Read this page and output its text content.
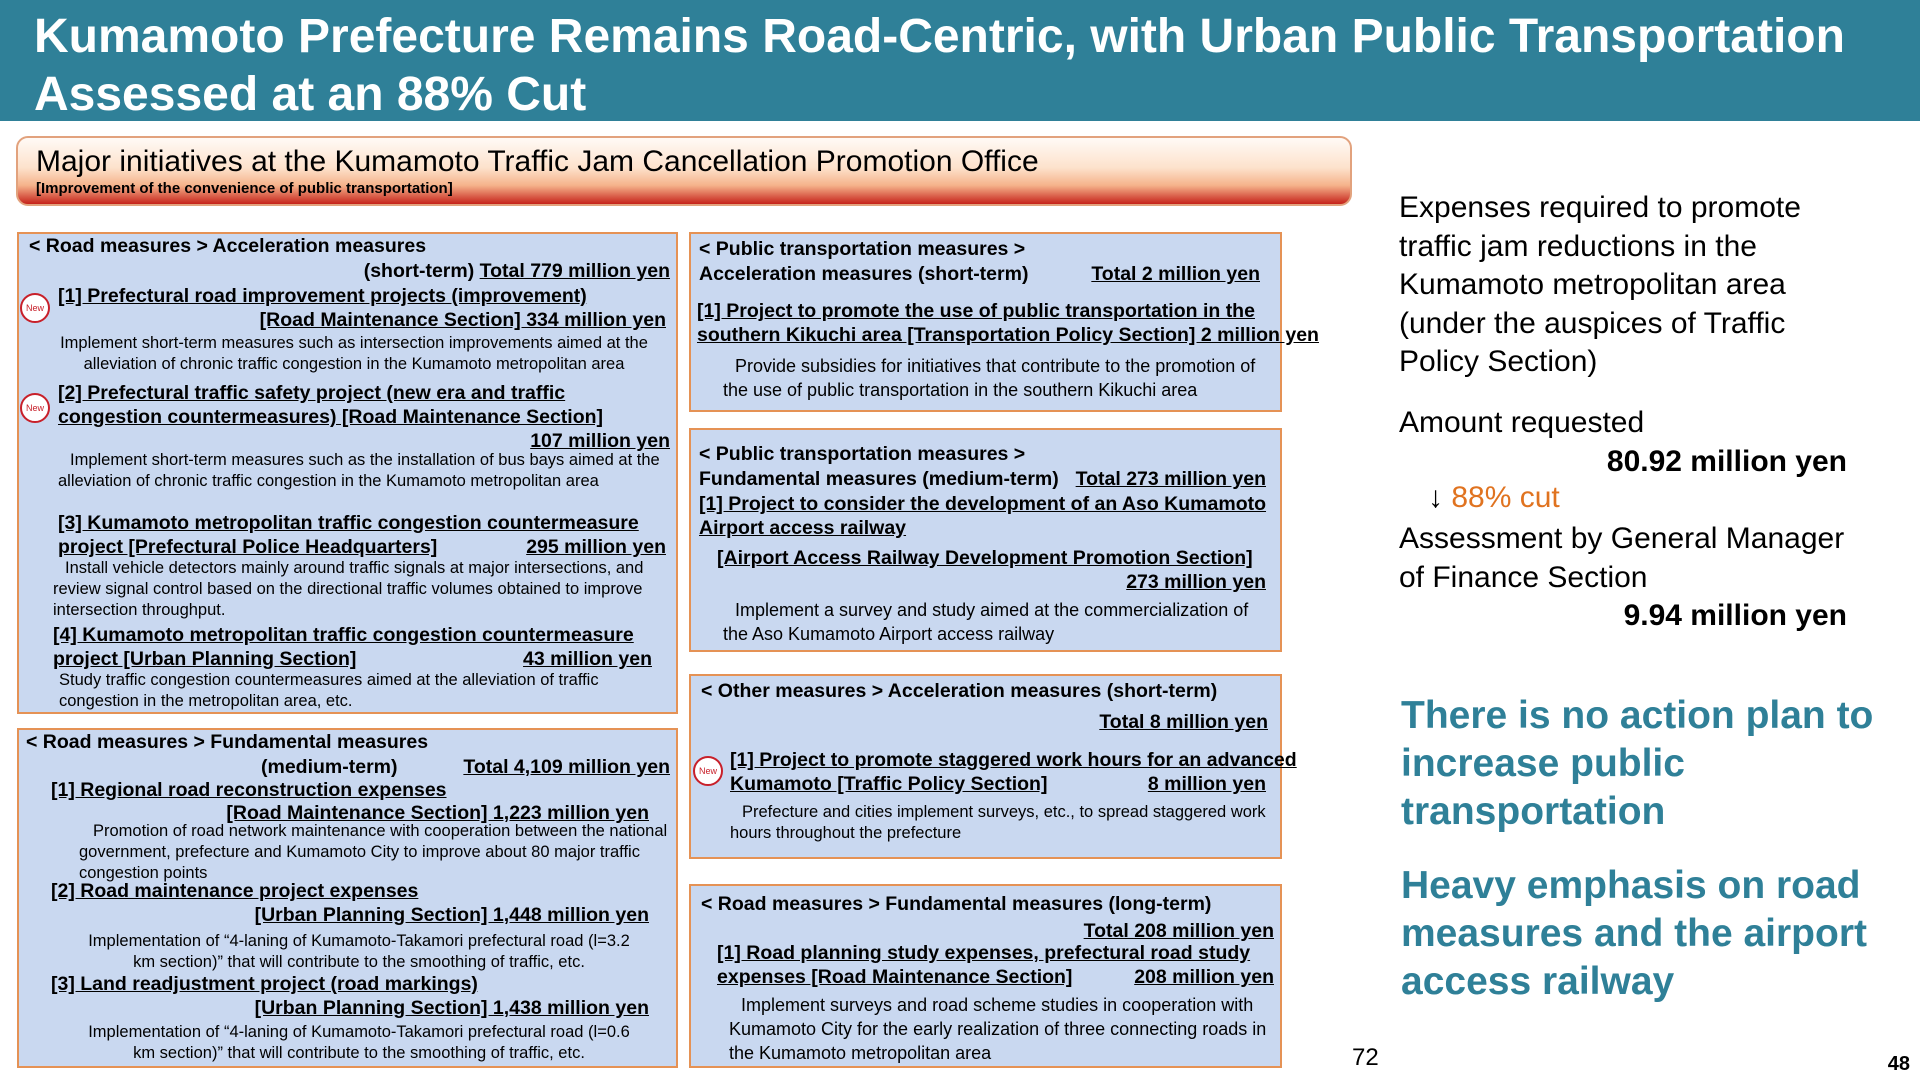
Kumamoto Prefecture Remains Road-Centric, with Urban Public Transportation
Assessed at an 88% Cut
Major initiatives at the Kumamoto Traffic Jam Cancellation Promotion Office
[Improvement of the convenience of public transportation]
< Road measures > Acceleration measures
(short-term) Total 779 million yen
[1] Prefectural road improvement projects (improvement)
[Road Maintenance Section] 334 million yen
Implement short-term measures such as intersection improvements aimed at the alleviation of chronic traffic congestion in the Kumamoto metropolitan area
[2] Prefectural traffic safety project (new era and traffic
congestion countermeasures) [Road Maintenance Section]
107 million yen
Implement short-term measures such as the installation of bus bays aimed at the alleviation of chronic traffic congestion in the Kumamoto metropolitan area
[3] Kumamoto metropolitan traffic congestion countermeasure
project [Prefectural Police Headquarters]	295 million yen
Install vehicle detectors mainly around traffic signals at major intersections, and review signal control based on the directional traffic volumes obtained to improve intersection throughput.
[4] Kumamoto metropolitan traffic congestion countermeasure
project [Urban Planning Section]	43 million yen
Study traffic congestion countermeasures aimed at the alleviation of traffic congestion in the metropolitan area, etc.
New
New
< Road measures > Fundamental measures
(medium-term)	Total 4,109 million yen
[1] Regional road reconstruction expenses
[Road Maintenance Section] 1,223 million yen
Promotion of road network maintenance with cooperation between the national government, prefecture and Kumamoto City to improve about 80 major traffic congestion points
[2] Road maintenance project expenses
[Urban Planning Section] 1,448 million yen
Implementation of “4-laning of Kumamoto-Takamori prefectural road (l=3.2 km section)” that will contribute to the smoothing of traffic, etc.
[3] Land readjustment project (road markings)
[Urban Planning Section] 1,438 million yen
Implementation of “4-laning of Kumamoto-Takamori prefectural road (l=0.6 km section)” that will contribute to the smoothing of traffic, etc.
< Public transportation measures >
Acceleration measures (short-term)	Total 2 million yen
[1] Project to promote the use of public transportation in the
southern Kikuchi area [Transportation Policy Section] 2 million yen
Provide subsidies for initiatives that contribute to the promotion of the use of public transportation in the southern Kikuchi area
< Public transportation measures >
Fundamental measures (medium-term) Total 273 million yen
[1] Project to consider the development of an Aso Kumamoto
Airport access railway
[Airport Access Railway Development Promotion Section]
273 million yen
Implement a survey and study aimed at the commercialization of the Aso Kumamoto Airport access railway
< Other measures > Acceleration measures (short-term)
Total 8 million yen
[1] Project to promote staggered work hours for an advanced
Kumamoto [Traffic Policy Section]	8 million yen
Prefecture and cities implement surveys, etc., to spread staggered work hours throughout the prefecture
New
< Road measures > Fundamental measures (long-term)
Total 208 million yen
[1] Road planning study expenses, prefectural road study
expenses [Road Maintenance Section]	208 million yen
Implement surveys and road scheme studies in cooperation with Kumamoto City for the early realization of three connecting roads in the Kumamoto metropolitan area
Expenses required to promote traffic jam reductions in the Kumamoto metropolitan area (under the auspices of Traffic Policy Section)
Amount requested
80.92 million yen
↓ 88% cut
Assessment by General Manager of Finance Section
9.94 million yen
There is no action plan to increase public transportation
Heavy emphasis on road measures and the airport access railway
72	48
